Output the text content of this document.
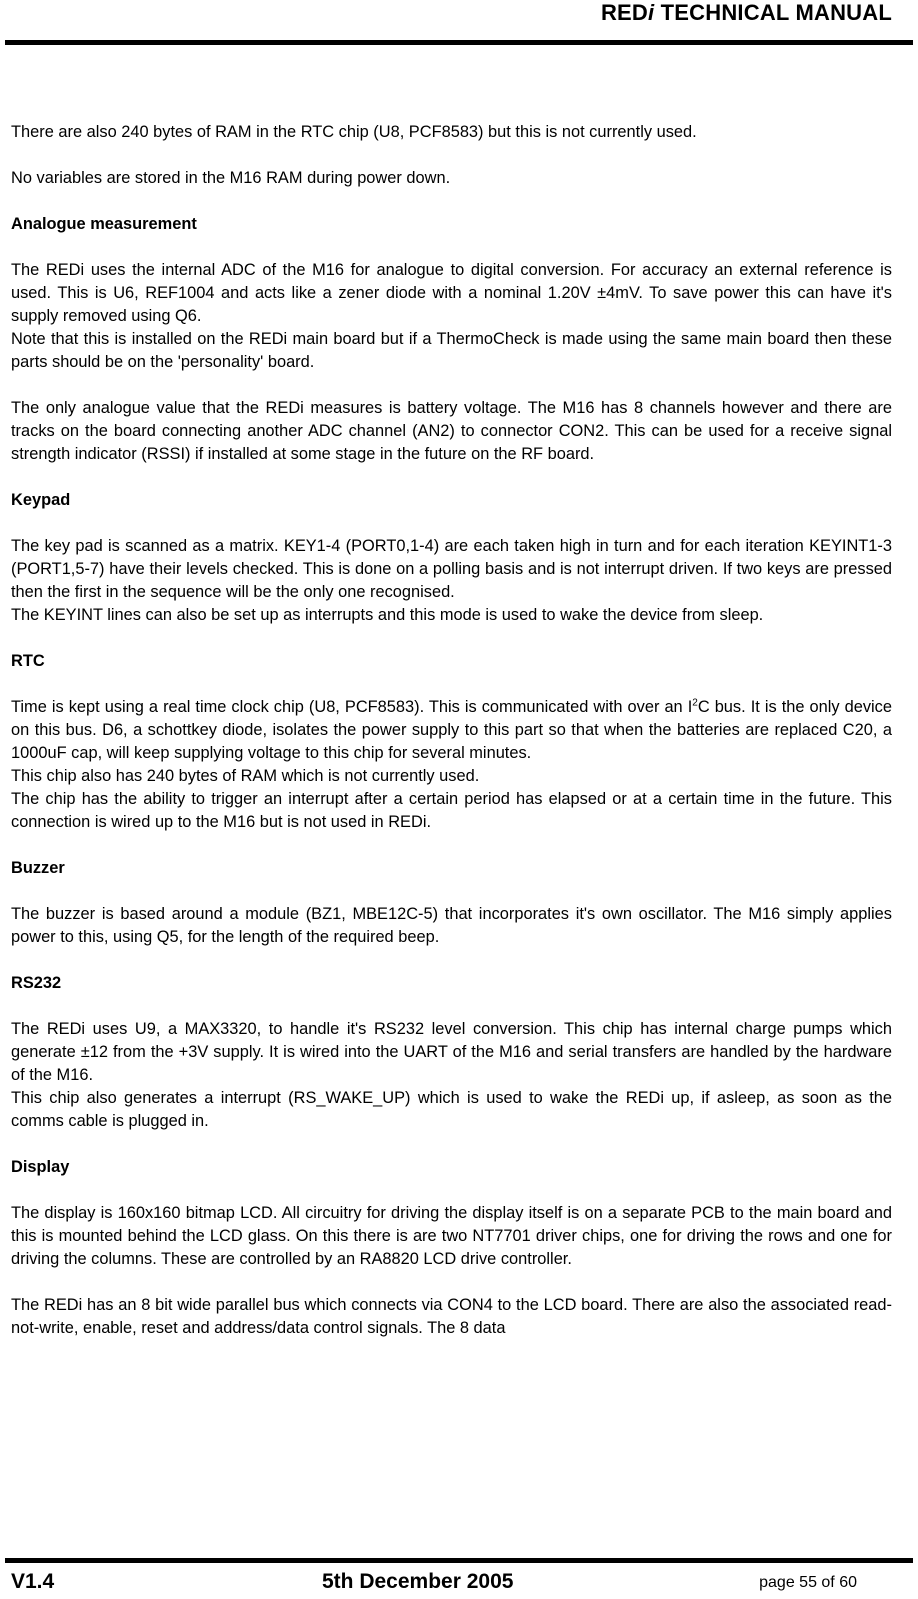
REDi TECHNICAL MANUAL

There are also 240 bytes of RAM in the RTC chip (U8, PCF8583) but this is not currently used.

No variables are stored in the M16 RAM during power down.

Analogue measurement

The REDi uses the internal ADC of the M16 for analogue to digital conversion. For accuracy an external reference is used. This is U6, REF1004 and acts like a zener diode with a nominal 1.20V ±4mV. To save power this can have it's supply removed using Q6.

Note that this is installed on the REDi main board but if a ThermoCheck is made using the same main board then these parts should be on the 'personality' board.

The only analogue value that the REDi measures is battery voltage. The M16 has 8 channels however and there are tracks on the board connecting another ADC channel (AN2) to connector CON2. This can be used for a receive signal strength indicator (RSSI) if installed at some stage in the future on the RF board.

Keypad

The key pad is scanned as a matrix. KEY1-4 (PORT0,1-4) are each taken high in turn and for each iteration KEYINT1-3 (PORT1,5-7) have their levels checked. This is done on a polling basis and is not interrupt driven. If two keys are pressed then the first in the sequence will be the only one recognised.

The KEYINT lines can also be set up as interrupts and this mode is used to wake the device from sleep.

RTC

Time is kept using a real time clock chip (U8, PCF8583). This is communicated with over an $I^2C$ bus. It is the only device on this bus. D6, a schottkey diode, isolates the power supply to this part so that when the batteries are replaced C20, a 1000uF cap, will keep supplying voltage to this chip for several minutes.

This chip also has 240 bytes of RAM which is not currently used.

The chip has the ability to trigger an interrupt after a certain period has elapsed or at a certain time in the future. This connection is wired up to the M16 but is not used in REDi.

Buzzer

The buzzer is based around a module (BZ1, MBE12C-5) that incorporates it's own oscillator. The M16 simply applies power to this, using Q5, for the length of the required beep.

RS232

The REDi uses U9, a MAX3320, to handle it's RS232 level conversion. This chip has internal charge pumps which generate ±12 from the +3V supply. It is wired into the UART of the M16 and serial transfers are handled by the hardware of the M16.

This chip also generates a interrupt (RS_WAKE_UP) which is used to wake the REDi up, if asleep, as soon as the comms cable is plugged in.

Display

The display is 160x160 bitmap LCD. All circuitry for driving the display itself is on a separate PCB to the main board and this is mounted behind the LCD glass. On this there is are two NT7701 driver chips, one for driving the rows and one for driving the columns. These are controlled by an RA8820 LCD drive controller.

The REDi has an 8 bit wide parallel bus which connects via CON4 to the LCD board. There are also the associated read-not-write, enable, reset and address/data control signals. The 8 data

V1.4	5th December 2005	page 55 of 60
